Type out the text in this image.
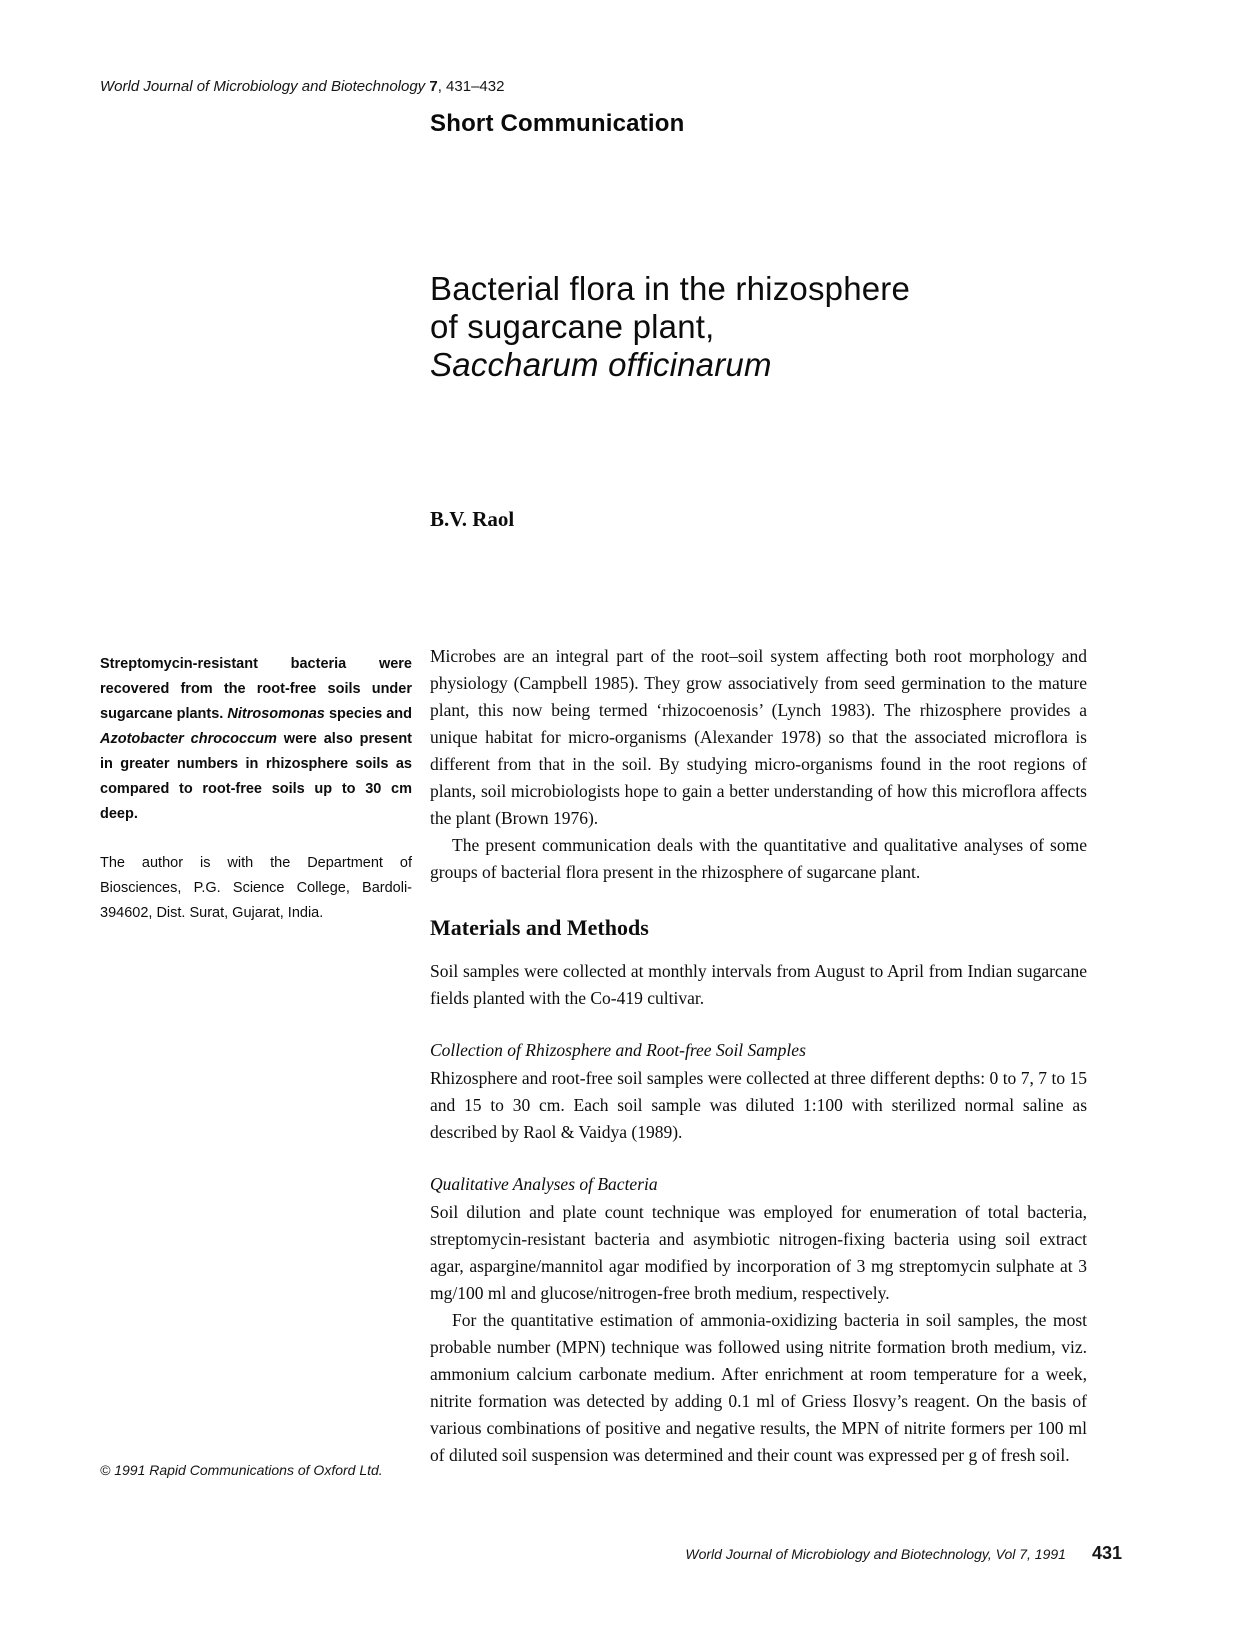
World Journal of Microbiology and Biotechnology 7, 431–432
Short Communication
Bacterial flora in the rhizosphere
of sugarcane plant,
Saccharum officinarum
B.V. Raol
Streptomycin-resistant bacteria were recovered from the root-free soils under sugarcane plants. Nitrosomonas species and Azotobacter chrococcum were also present in greater numbers in rhizosphere soils as compared to root-free soils up to 30 cm deep.
The author is with the Department of Biosciences, P.G. Science College, Bardoli-394602, Dist. Surat, Gujarat, India.
© 1991 Rapid Communications of Oxford Ltd.

Microbes are an integral part of the root–soil system affecting both root morphology and physiology (Campbell 1985). They grow associatively from seed germination to the mature plant, this now being termed ‘rhizocoenosis’ (Lynch 1983). The rhizosphere provides a unique habitat for micro-organisms (Alexander 1978) so that the associated microflora is different from that in the soil. By studying micro-organisms found in the root regions of plants, soil microbiologists hope to gain a better understanding of how this microflora affects the plant (Brown 1976).

The present communication deals with the quantitative and qualitative analyses of some groups of bacterial flora present in the rhizosphere of sugarcane plant.

Materials and Methods

Soil samples were collected at monthly intervals from August to April from Indian sugarcane fields planted with the Co-419 cultivar.

Collection of Rhizosphere and Root-free Soil Samples

Rhizosphere and root-free soil samples were collected at three different depths: 0 to 7, 7 to 15 and 15 to 30 cm. Each soil sample was diluted 1:100 with sterilized normal saline as described by Raol & Vaidya (1989).

Qualitative Analyses of Bacteria

Soil dilution and plate count technique was employed for enumeration of total bacteria, streptomycin-resistant bacteria and asymbiotic nitrogen-fixing bacteria using soil extract agar, aspargine/mannitol agar modified by incorporation of 3 mg streptomycin sulphate at 3 mg/100 ml and glucose/nitrogen-free broth medium, respectively.

For the quantitative estimation of ammonia-oxidizing bacteria in soil samples, the most probable number (MPN) technique was followed using nitrite formation broth medium, viz. ammonium calcium carbonate medium. After enrichment at room temperature for a week, nitrite formation was detected by adding 0.1 ml of Griess Ilosvy’s reagent. On the basis of various combinations of positive and negative results, the MPN of nitrite formers per 100 ml of diluted soil suspension was determined and their count was expressed per g of fresh soil.

World Journal of Microbiology and Biotechnology, Vol 7, 1991 431
